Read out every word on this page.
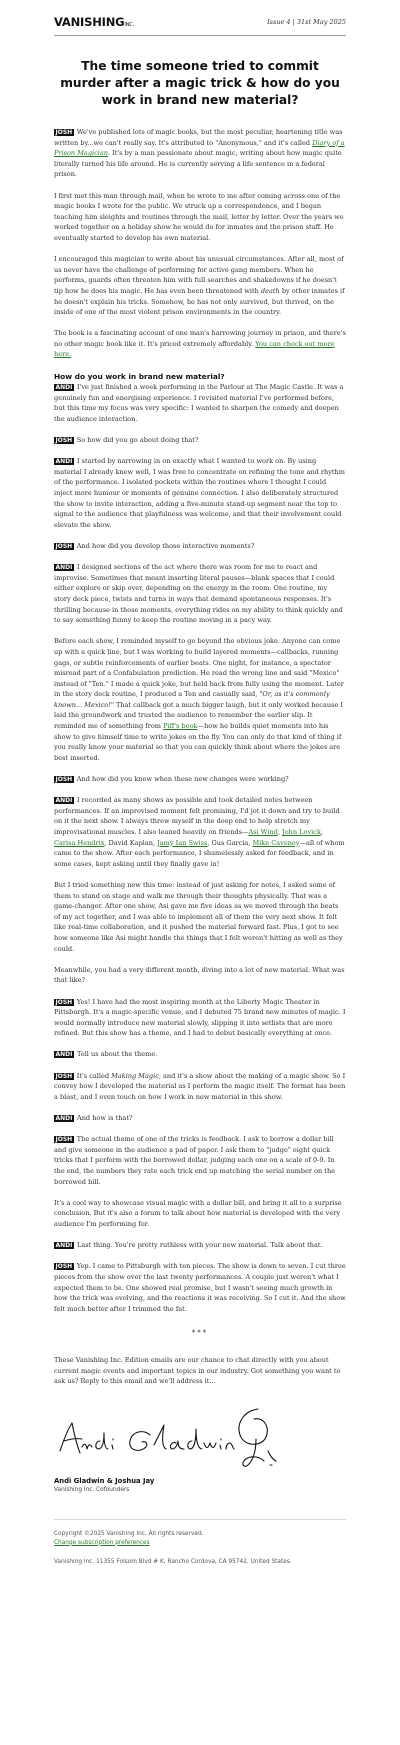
VANISHINGINC.	Issue 4 | 31st May 2025
The time someone tried to commit murder after a magic trick & how do you work in brand new material?

JOSH We've published lots of magic books, but the most peculiar, heartening title was written by...we can't really say. It's attributed to "Anonymous," and it's called Diary of a Prison Magician. It's by a man passionate about magic, writing about how magic quite literally turned his life around. He is currently serving a life sentence in a federal prison.

I first met this man through mail, when he wrote to me after coming across one of the magic books I wrote for the public. We struck up a correspondence, and I began teaching him sleights and routines through the mail, letter by letter. Over the years we worked together on a holiday show he would do for inmates and the prison staff. He eventually started to develop his own material.

I encouraged this magician to write about his unusual circumstances. After all, most of us never have the challenge of performing for active gang members. When he performs, guards often threaten him with full searches and shakedowns if he doesn't tip how he does his magic. He has even been threatened with death by other inmates if he doesn't explain his tricks. Somehow, he has not only survived, but thrived, on the inside of one of the most violent prison environments in the country.

The book is a fascinating account of one man's harrowing journey in prison, and there's no other magic book like it. It's priced extremely affordably. You can check out more here.

How do you work in brand new material?

ANDI I've just finished a week performing in the Parlour at The Magic Castle. It was a genuinely fun and energising experience. I revisited material I've performed before, but this time my focus was very specific: I wanted to sharpen the comedy and deepen the audience interaction.

JOSH So how did you go about doing that?

ANDI I started by narrowing in on exactly what I wanted to work on. By using material I already knew well, I was free to concentrate on refining the tone and rhythm of the performance. I isolated pockets within the routines where I thought I could inject more humour or moments of genuine connection. I also deliberately structured the show to invite interaction, adding a five-minute stand-up segment near the top to signal to the audience that playfulness was welcome, and that their involvement could elevate the show.

JOSH And how did you develop those interactive moments?

ANDI I designed sections of the act where there was room for me to react and improvise. Sometimes that meant inserting literal pauses—blank spaces that I could either explore or skip over, depending on the energy in the room. One routine, my story deck piece, twists and turns in ways that demand spontaneous responses. It's thrilling because in those moments, everything rides on my ability to think quickly and to say something funny to keep the routine moving in a pacy way.

Before each show, I reminded myself to go beyond the obvious joke. Anyone can come up with a quick line, but I was working to build layered moments—callbacks, running gags, or subtle reinforcements of earlier beats. One night, for instance, a spectator misread part of a Confabulation prediction. He read the wrong line and said "Mexico" instead of "Ten." I made a quick joke, but held back from fully using the moment. Later in the story deck routine, I produced a Ten and casually said, "Or, as it's commonly known... Mexico!" That callback got a much bigger laugh, but it only worked because I laid the groundwork and trusted the audience to remember the earlier slip. It reminded me of something from Piff's book—how he builds quiet moments into his show to give himself time to write jokes on the fly. You can only do that kind of thing if you really know your material so that you can quickly think about where the jokes are best inserted.

JOSH And how did you know when these new changes were working?

ANDI I recorded as many shows as possible and took detailed notes between performances. If an improvised moment felt promising, I'd jot it down and try to build on it the next show. I always threw myself in the deep end to help stretch my improvisational muscles. I also leaned heavily on friends—Asi Wind, John Lovick, Carisa Hendrix, David Kaplan, Jamy Ian Swiss, Gus Garcia, Mike Caveney—all of whom came to the show. After each performance, I shamelessly asked for feedback, and in some cases, kept asking until they finally gave in!

But I tried something new this time: instead of just asking for notes, I asked some of them to stand on stage and walk me through their thoughts physically. That was a game-changer. After one show, Asi gave me five ideas as we moved through the beats of my act together, and I was able to implement all of them the very next show. It felt like real-time collaboration, and it pushed the material forward fast. Plus, I got to see how someone like Asi might handle the things that I felt weren't hitting as well as they could.

Meanwhile, you had a very different month, diving into a lot of new material. What was that like?

JOSH Yes! I have had the most inspiring month at the Liberty Magic Theater in Pittsburgh. It's a magic-specific venue, and I debuted 75 brand new minutes of magic. I would normally introduce new material slowly, slipping it into setlists that are more refined. But this show has a theme, and I had to debut basically everything at once.

ANDI Tell us about the theme.

JOSH It's called Making Magic, and it's a show about the making of a magic show. So I convey how I developed the material as I perform the magic itself. The format has been a blast, and I even touch on how I work in new material in this show.

ANDI And how is that?

JOSH The actual theme of one of the tricks is feedback. I ask to borrow a dollar bill and give someone in the audience a pad of paper. I ask them to "judge" eight quick tricks that I perform with the borrowed dollar, judging each one on a scale of 0-9. In the end, the numbers they rate each trick end up matching the serial number on the borrowed bill.

It's a cool way to showcase visual magic with a dollar bill, and bring it all to a surprise conclusion. But it's also a forum to talk about how material is developed with the very audience I'm performing for.

ANDI Last thing. You're pretty ruthless with your new material. Talk about that.

JOSH Yep. I came to Pittsburgh with ten pieces. The show is down to seven. I cut three pieces from the show over the last twenty performances. A couple just weren't what I expected them to be. One showed real promise, but I wasn't seeing much growth in how the trick was evolving, and the reactions it was receiving. So I cut it. And the show felt much better after I trimmed the fat.

***

These Vanishing Inc. Edition emails are our chance to chat directly with you about current magic events and important topics in our industry. Got something you want to ask us? Reply to this email and we'll address it...

Andi Gladwin & Joshua Jay
Vanishing Inc. Cofounders
Copyright ©2025 Vanishing Inc. All rights reserved.
Change subscription preferences
Vanishing Inc. 11355 Folsom Blvd # K, Rancho Cordova, CA 95742, United States.
